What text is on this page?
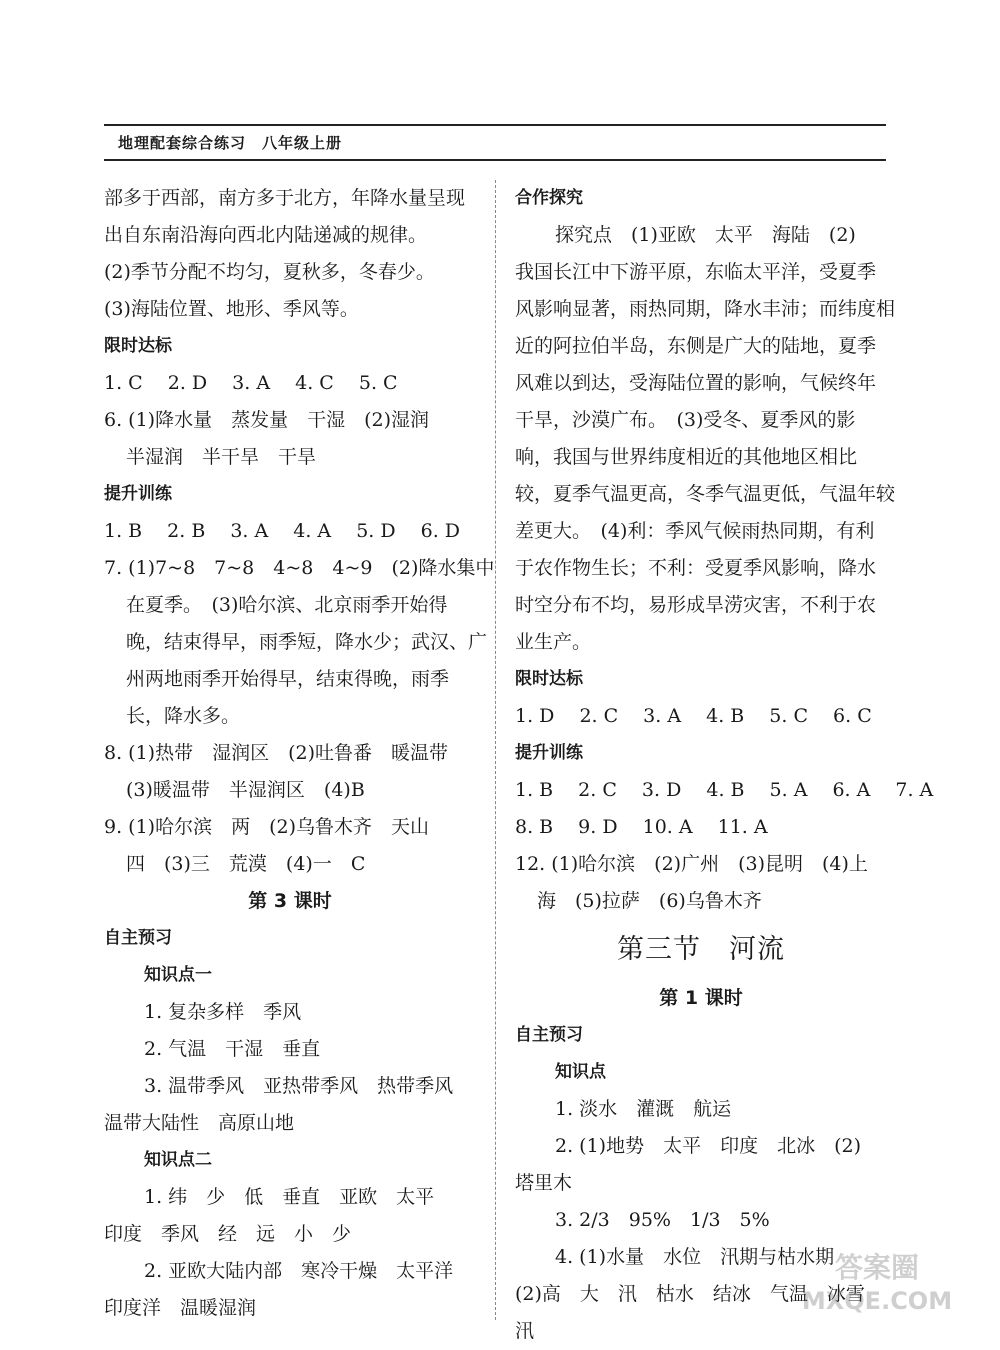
地理配套综合练习　八年级上册
部多于西部，南方多于北方，年降水量呈现
出自东南沿海向西北内陆递减的规律。
(2)季节分配不均匀，夏秋多，冬春少。
(3)海陆位置、地形、季风等。
限时达标
1. C　 2. D　 3. A　 4. C　 5. C
6. (1)降水量　蒸发量　干湿　(2)湿润
半湿润　半干旱　干旱
提升训练
1. B　 2. B　 3. A　 4. A　 5. D　 6. D
7. (1)7~8　7~8　4~8　4~9　(2)降水集中
在夏季。　(3)哈尔滨、北京雨季开始得
晚，结束得早，雨季短，降水少；武汉、广
州两地雨季开始得早，结束得晚，雨季
长，降水多。
8. (1)热带　湿润区　(2)吐鲁番　暖温带
(3)暖温带　半湿润区　(4)B
9. (1)哈尔滨　两　(2)乌鲁木齐　天山
四　(3)三　荒漠　(4)一　C
第 3 课时
自主预习
知识点一
1. 复杂多样　季风
2. 气温　干湿　垂直
3. 温带季风　亚热带季风　热带季风
温带大陆性　高原山地
知识点二
1. 纬　少　低　垂直　亚欧　太平
印度　季风　经　远　小　少
2. 亚欧大陆内部　寒冷干燥　太平洋
印度洋　温暖湿润
合作探究
探究点　(1)亚欧　太平　海陆　(2)
我国长江中下游平原，东临太平洋，受夏季
风影响显著，雨热同期，降水丰沛；而纬度相
近的阿拉伯半岛，东侧是广大的陆地，夏季
风难以到达，受海陆位置的影响，气候终年
干旱，沙漠广布。　(3)受冬、夏季风的影
响，我国与世界纬度相近的其他地区相比
较，夏季气温更高，冬季气温更低，气温年较
差更大。　(4)利：季风气候雨热同期，有利
于农作物生长；不利：受夏季风影响，降水
时空分布不均，易形成旱涝灾害，不利于农
业生产。
限时达标
1. D　 2. C　 3. A　 4. B　 5. C　 6. C
提升训练
1. B　 2. C　 3. D　 4. B　 5. A　 6. A　 7. A
8. B　 9. D　 10. A　 11. A
12. (1)哈尔滨　(2)广州　(3)昆明　(4)上
海　(5)拉萨　(6)乌鲁木齐
第三节　河流
第 1 课时
自主预习
知识点
1. 淡水　灌溉　航运
2. (1)地势　太平　印度　北冰　(2)
塔里木
3. 2/3　95%　1/3　5%
4. (1)水量　水位　汛期与枯水期
(2)高　大　汛　枯水　结冰　气温　冰雪
汛
答案圈
MXQE.COM
